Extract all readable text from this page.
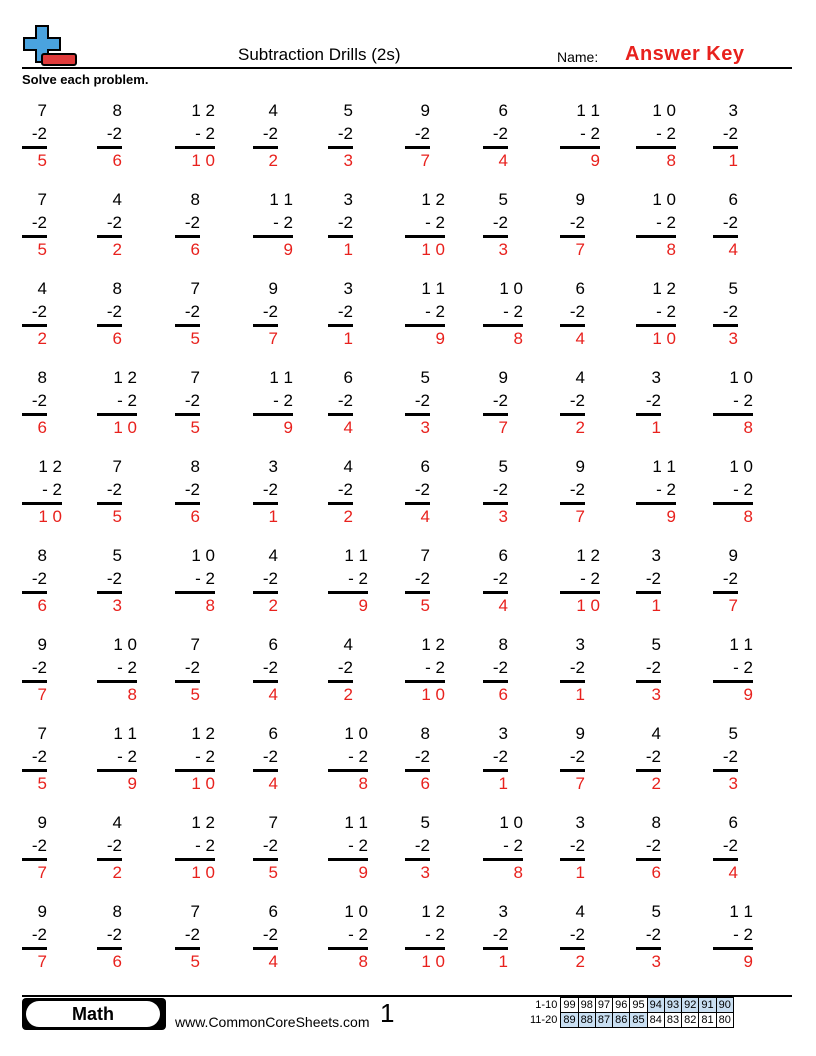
Subtraction Drills (2s)	Name: Answer Key
Solve each problem.
7
-2
5
8
-2
6
1 2
- 2
1 0
4
-2
2
5
-2
3
9
-2
7
6
-2
4
1 1
- 2
9
1 0
- 2
8
3
-2
1
7
-2
5
4
-2
2
8
-2
6
1 1
- 2
9
3
-2
1
1 2
- 2
1 0
5
-2
3
9
-2
7
1 0
- 2
8
6
-2
4
4
-2
2
8
-2
6
7
-2
5
9
-2
7
3
-2
1
1 1
- 2
9
1 0
- 2
8
6
-2
4
1 2
- 2
1 0
5
-2
3
8
-2
6
1 2
- 2
1 0
7
-2
5
1 1
- 2
9
6
-2
4
5
-2
3
9
-2
7
4
-2
2
3
-2
1
1 0
- 2
8
1 2
- 2
1 0
7
-2
5
8
-2
6
3
-2
1
4
-2
2
6
-2
4
5
-2
3
9
-2
7
1 1
- 2
9
1 0
- 2
8
8
-2
6
5
-2
3
1 0
- 2
8
4
-2
2
1 1
- 2
9
7
-2
5
6
-2
4
1 2
- 2
1 0
3
-2
1
9
-2
7
9
-2
7
1 0
- 2
8
7
-2
5
6
-2
4
4
-2
2
1 2
- 2
1 0
8
-2
6
3
-2
1
5
-2
3
1 1
- 2
9
7
-2
5
1 1
- 2
9
1 2
- 2
1 0
6
-2
4
1 0
- 2
8
8
-2
6
3
-2
1
9
-2
7
4
-2
2
5
-2
3
9
-2
7
4
-2
2
1 2
- 2
1 0
7
-2
5
1 1
- 2
9
5
-2
3
1 0
- 2
8
3
-2
1
8
-2
6
6
-2
4
9
-2
7
8
-2
6
7
-2
5
6
-2
4
1 0
- 2
8
1 2
- 2
1 0
3
-2
1
4
-2
2
5
-2
3
1 1
- 2
9
Math	www.CommonCoreSheets.com 1	1-10	99	98	97	96	95	94	93	92	91	90
11-20	89	88	87	86	85	84	83	82	81	80
